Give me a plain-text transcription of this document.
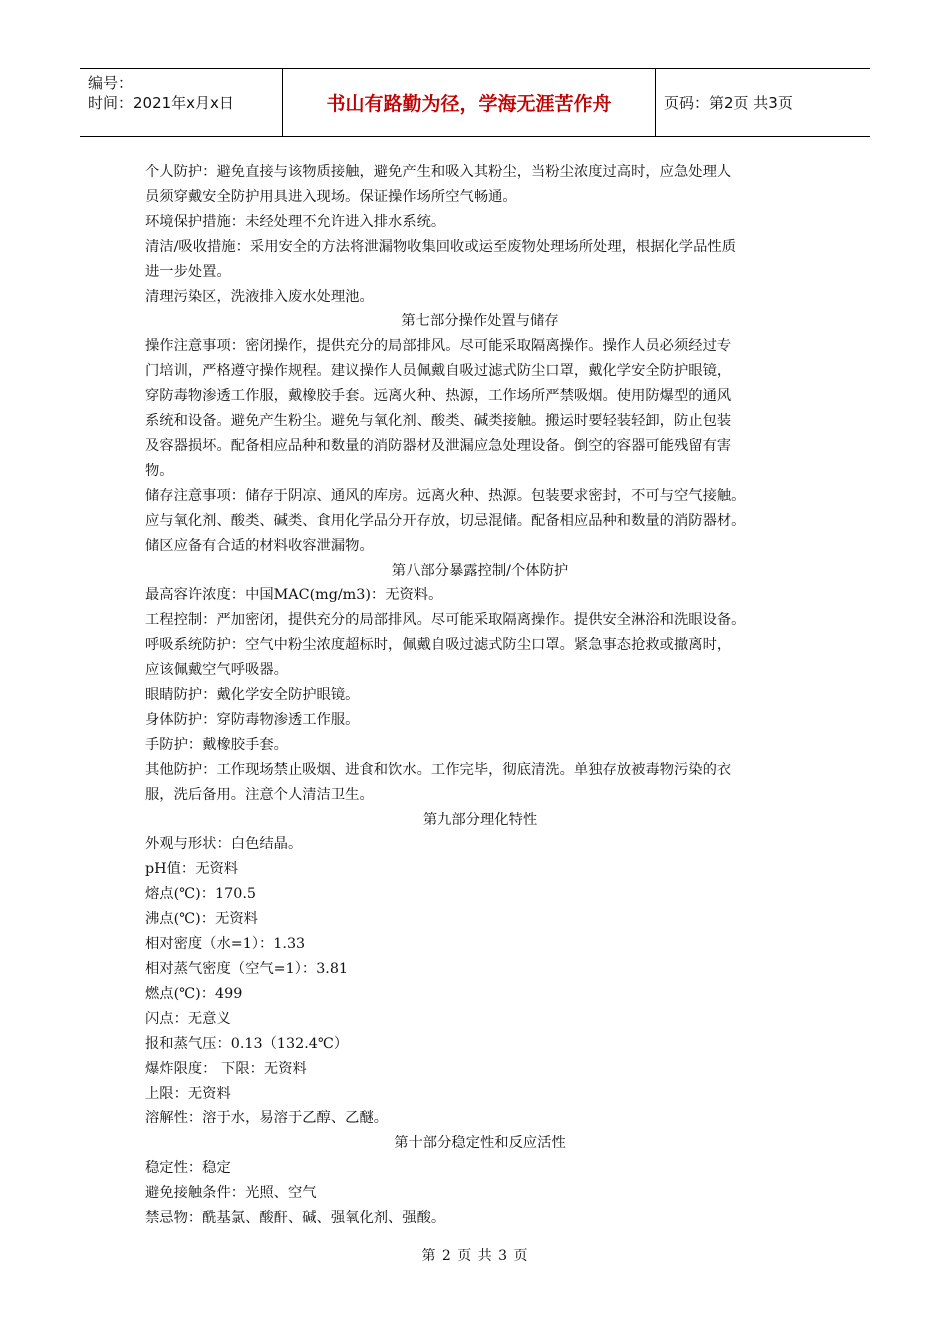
编号：
时间：2021年x月x日	书山有路勤为径，学海无涯苦作舟	页码：第2页 共3页

个人防护：避免直接与该物质接触，避免产生和吸入其粉尘，当粉尘浓度过高时，应急处理人

员须穿戴安全防护用具进入现场。保证操作场所空气畅通。

环境保护措施：未经处理不允许进入排水系统。

清洁/吸收措施：采用安全的方法将泄漏物收集回收或运至废物处理场所处理，根据化学品性质

进一步处置。

清理污染区，洗液排入废水处理池。

第七部分操作处置与储存

操作注意事项：密闭操作，提供充分的局部排风。尽可能采取隔离操作。操作人员必须经过专

门培训，严格遵守操作规程。建议操作人员佩戴自吸过滤式防尘口罩，戴化学安全防护眼镜，

穿防毒物渗透工作服，戴橡胶手套。远离火种、热源，工作场所严禁吸烟。使用防爆型的通风

系统和设备。避免产生粉尘。避免与氧化剂、酸类、碱类接触。搬运时要轻装轻卸，防止包装

及容器损坏。配备相应品种和数量的消防器材及泄漏应急处理设备。倒空的容器可能残留有害

物。

储存注意事项：储存于阴凉、通风的库房。远离火种、热源。包装要求密封，不可与空气接触。

应与氧化剂、酸类、碱类、食用化学品分开存放，切忌混储。配备相应品种和数量的消防器材。

储区应备有合适的材料收容泄漏物。

第八部分暴露控制/个体防护

最高容许浓度：中国MAC(mg/m3)：无资料。

工程控制：严加密闭，提供充分的局部排风。尽可能采取隔离操作。提供安全淋浴和洗眼设备。

呼吸系统防护：空气中粉尘浓度超标时，佩戴自吸过滤式防尘口罩。紧急事态抢救或撤离时，

应该佩戴空气呼吸器。

眼睛防护：戴化学安全防护眼镜。

身体防护：穿防毒物渗透工作服。

手防护：戴橡胶手套。

其他防护：工作现场禁止吸烟、进食和饮水。工作完毕，彻底清洗。单独存放被毒物污染的衣

服，洗后备用。注意个人清洁卫生。

第九部分理化特性

外观与形状：白色结晶。

pH值：无资料

熔点(℃)：170.5

沸点(℃)：无资料

相对密度（水=1）：1.33

相对蒸气密度（空气=1）：3.81

燃点(℃)：499

闪点：无意义

报和蒸气压：0.13（132.4℃）

爆炸限度： 下限：无资料

上限：无资料

溶解性：溶于水，易溶于乙醇、乙醚。

第十部分稳定性和反应活性

稳定性：稳定

避免接触条件：光照、空气

禁忌物：酰基氯、酸酐、碱、强氧化剂、强酸。

第 2 页 共 3 页
